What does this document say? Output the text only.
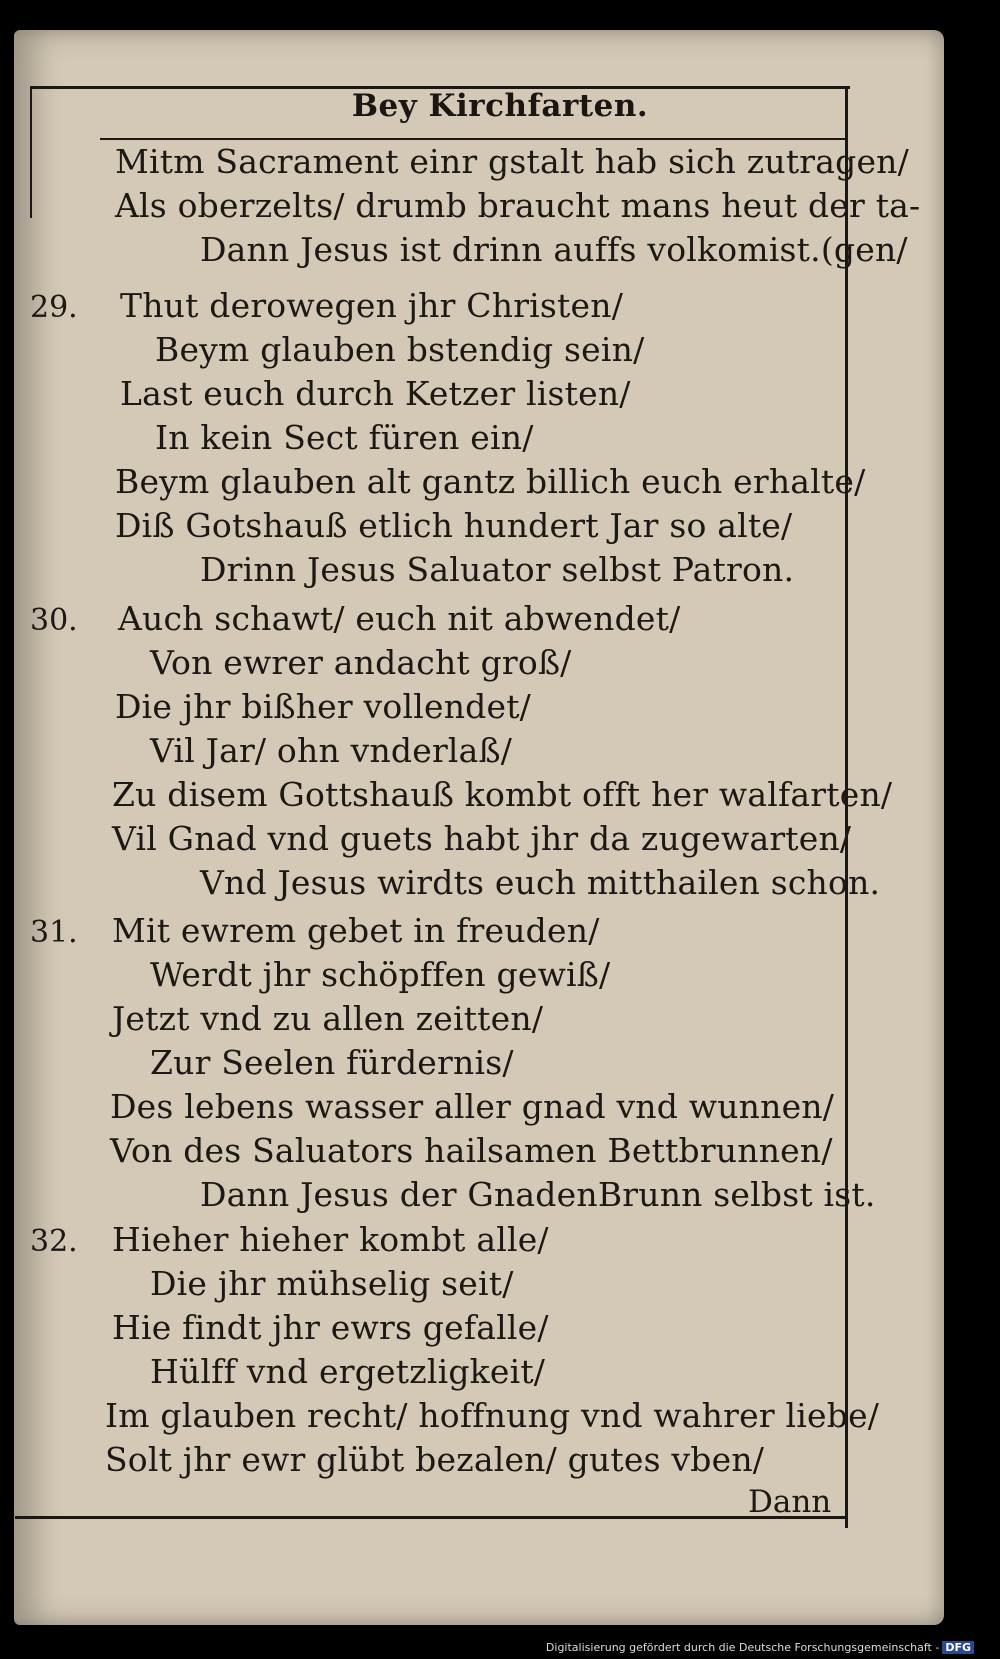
Bey Kirchfarten.
Mitm Sacrament einr gstalt hab sich zutragen/
Als oberzelts/ drumb braucht mans heut der ta-
Dann Jesus ist drinn auffs volkomist.(gen/
29. Thut derowegen jhr Christen/
Beym glauben bstendig sein/
Last euch durch Ketzer listen/
In kein Sect füren ein/
Beym glauben alt gantz billich euch erhalte/
Diß Gotshauß etlich hundert Jar so alte/
Drinn Jesus Saluator selbst Patron.
30. Auch schawt/ euch nit abwendet/
Von ewrer andacht groß/
Die jhr bißher vollendet/
Vil Jar/ ohn vnderlaß/
Zu disem Gottshauß kombt offt her walfarten/
Vil Gnad vnd guets habt jhr da zugewarten/
Vnd Jesus wirdts euch mitthailen schon.
31. Mit ewrem gebet in freuden/
Werdt jhr schöpffen gewiß/
Jetzt vnd zu allen zeitten/
Zur Seelen fürdernis/
Des lebens wasser aller gnad vnd wunnen/
Von des Saluators hailsamen Bettbrunnen/
Dann Jesus der GnadenBrunn selbst ist.
32. Hieher hieher kombt alle/
Die jhr mühselig seit/
Hie findt jhr ewrs gefalle/
Hülff vnd ergetzligkeit/
Im glauben recht/ hoffnung vnd wahrer liebe/
Solt jhr ewr glübt bezalen/ gutes vben/
Dann
Digitalisierung gefördert durch die Deutsche Forschungsgemeinschaft - DFG
